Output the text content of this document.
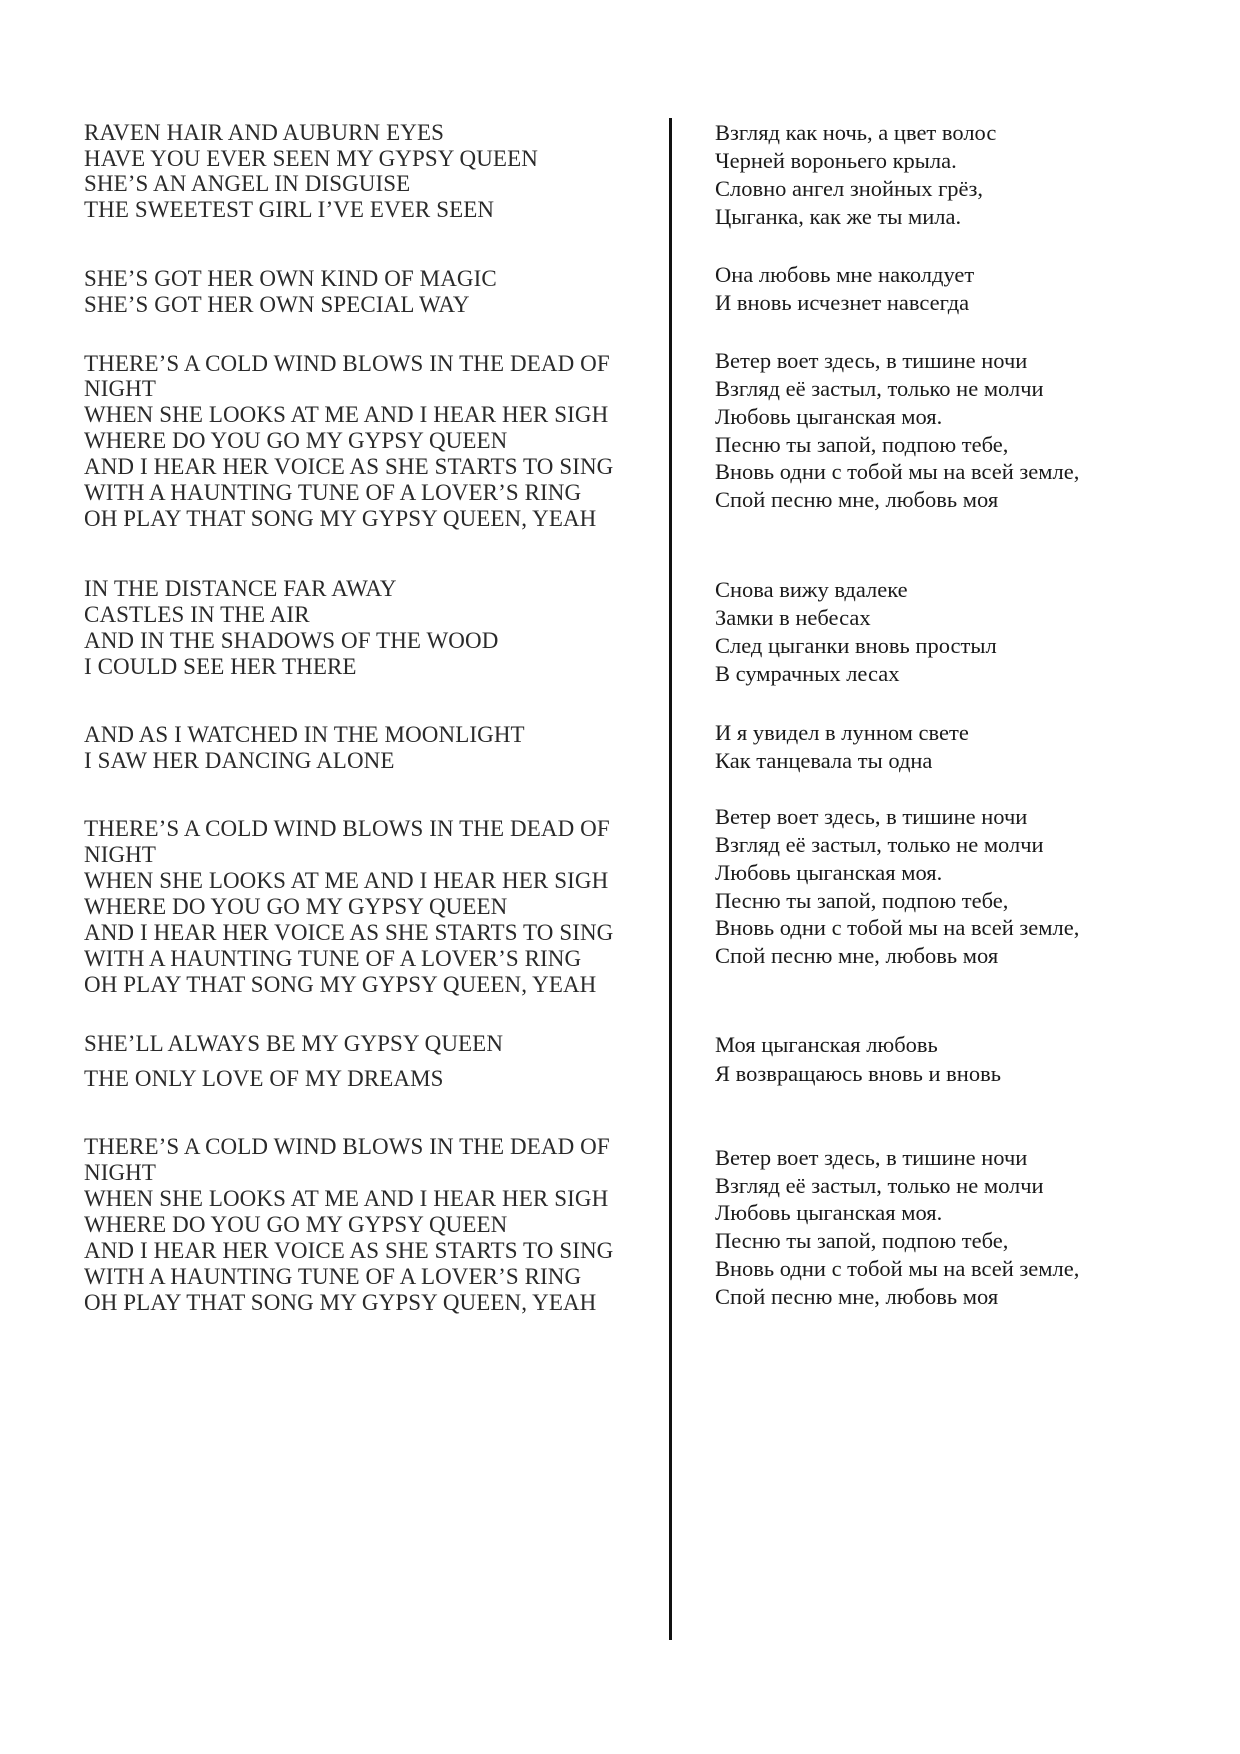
RAVEN HAIR AND AUBURN EYES
HAVE YOU EVER SEEN MY GYPSY QUEEN
SHE’S AN ANGEL IN DISGUISE
THE SWEETEST GIRL I’VE EVER SEEN
SHE’S GOT HER OWN KIND OF MAGIC
SHE’S GOT HER OWN SPECIAL WAY
THERE’S A COLD WIND BLOWS IN THE DEAD OF
NIGHT
WHEN SHE LOOKS AT ME AND I HEAR HER SIGH
WHERE DO YOU GO MY GYPSY QUEEN
AND I HEAR HER VOICE AS SHE STARTS TO SING
WITH A HAUNTING TUNE OF A LOVER’S RING
OH PLAY THAT SONG MY GYPSY QUEEN, YEAH
IN THE DISTANCE FAR AWAY
CASTLES IN THE AIR
AND IN THE SHADOWS OF THE WOOD
I COULD SEE HER THERE
AND AS I WATCHED IN THE MOONLIGHT
I SAW HER DANCING ALONE
THERE’S A COLD WIND BLOWS IN THE DEAD OF
NIGHT
WHEN SHE LOOKS AT ME AND I HEAR HER SIGH
WHERE DO YOU GO MY GYPSY QUEEN
AND I HEAR HER VOICE AS SHE STARTS TO SING
WITH A HAUNTING TUNE OF A LOVER’S RING
OH PLAY THAT SONG MY GYPSY QUEEN, YEAH
SHE’LL ALWAYS BE MY GYPSY QUEEN
THE ONLY LOVE OF MY DREAMS
THERE’S A COLD WIND BLOWS IN THE DEAD OF
NIGHT
WHEN SHE LOOKS AT ME AND I HEAR HER SIGH
WHERE DO YOU GO MY GYPSY QUEEN
AND I HEAR HER VOICE AS SHE STARTS TO SING
WITH A HAUNTING TUNE OF A LOVER’S RING
OH PLAY THAT SONG MY GYPSY QUEEN, YEAH
Взгляд как ночь, а цвет волос
Черней вороньего крыла.
Словно ангел знойных грёз,
Цыганка, как же ты мила.
Она любовь мне наколдует
И вновь исчезнет навсегда
Ветер воет здесь, в тишине ночи
Взгляд её застыл, только не молчи
Любовь цыганская моя.
Песню ты запой, подпою тебе,
Вновь одни с тобой мы на всей земле,
Спой песню мне, любовь моя
Снова вижу вдалеке
Замки в небесах
След цыганки вновь простыл
В сумрачных лесах
И я увидел в лунном свете
Как танцевала ты одна
Ветер воет здесь, в тишине ночи
Взгляд её застыл, только не молчи
Любовь цыганская моя.
Песню ты запой, подпою тебе,
Вновь одни с тобой мы на всей земле,
Спой песню мне, любовь моя
Моя цыганская любовь
Я возвращаюсь вновь и вновь
Ветер воет здесь, в тишине ночи
Взгляд её застыл, только не молчи
Любовь цыганская моя.
Песню ты запой, подпою тебе,
Вновь одни с тобой мы на всей земле,
Спой песню мне, любовь моя
